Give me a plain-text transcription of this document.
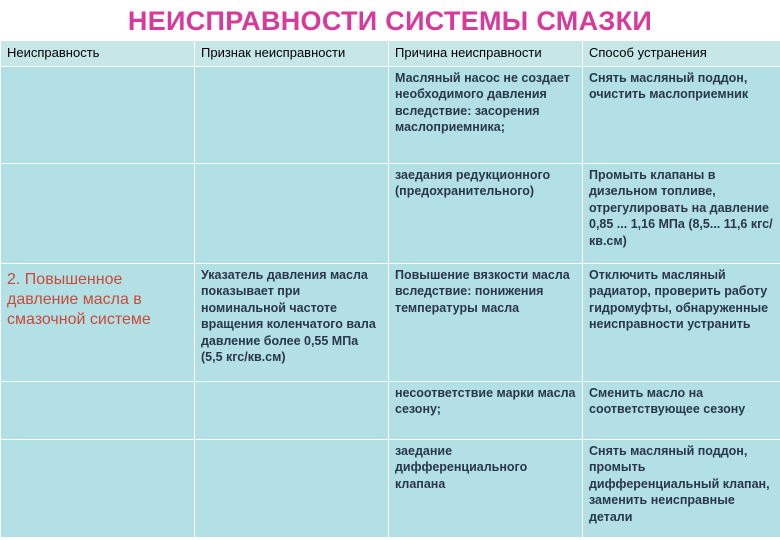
НЕИСПРАВНОСТИ СИСТЕМЫ СМАЗКИ
Неисправность	Признак неисправности	Причина неисправности	Способ устранения
		Масляный насос не создает необходимого давления вследствие: засорения маслоприемника;	Снять масляный поддон, очистить маслоприемник
		заедания редукционного (предохранительного)	Промыть клапаны в дизельном топливе, отрегулировать на давление 0,85 ... 1,16 МПа (8,5... 11,6 кгс/кв.см)
2. Повышенное давление масла в смазочной системе	Указатель давления масла показывает при номинальной частоте вращения коленчатого вала давление более 0,55 МПа (5,5 кгс/кв.см)	Повышение вязкости масла вследствие: понижения температуры масла	Отключить масляный радиатор, проверить работу гидромуфты, обнаруженные неисправности устранить
		несоответствие марки масла сезону;	Сменить масло на соответствующее сезону
		заедание дифференциального клапана	Снять масляный поддон, промыть дифференциальный клапан, заменить неисправные детали
